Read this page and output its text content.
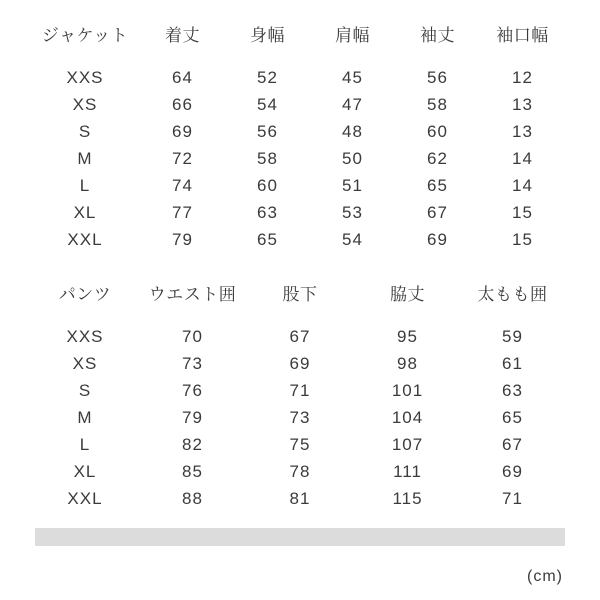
ジャケット	着丈	身幅	肩幅	袖丈	袖口幅
XXS	64	52	45	56	12
XS	66	54	47	58	13
S	69	56	48	60	13
M	72	58	50	62	14
L	74	60	51	65	14
XL	77	63	53	67	15
XXL	79	65	54	69	15
パンツ	ウエスト囲	股下	脇丈	太もも囲
XXS	70	67	95	59
XS	73	69	98	61
S	76	71	101	63
M	79	73	104	65
L	82	75	107	67
XL	85	78	111	69
XXL	88	81	115	71
(cm)
